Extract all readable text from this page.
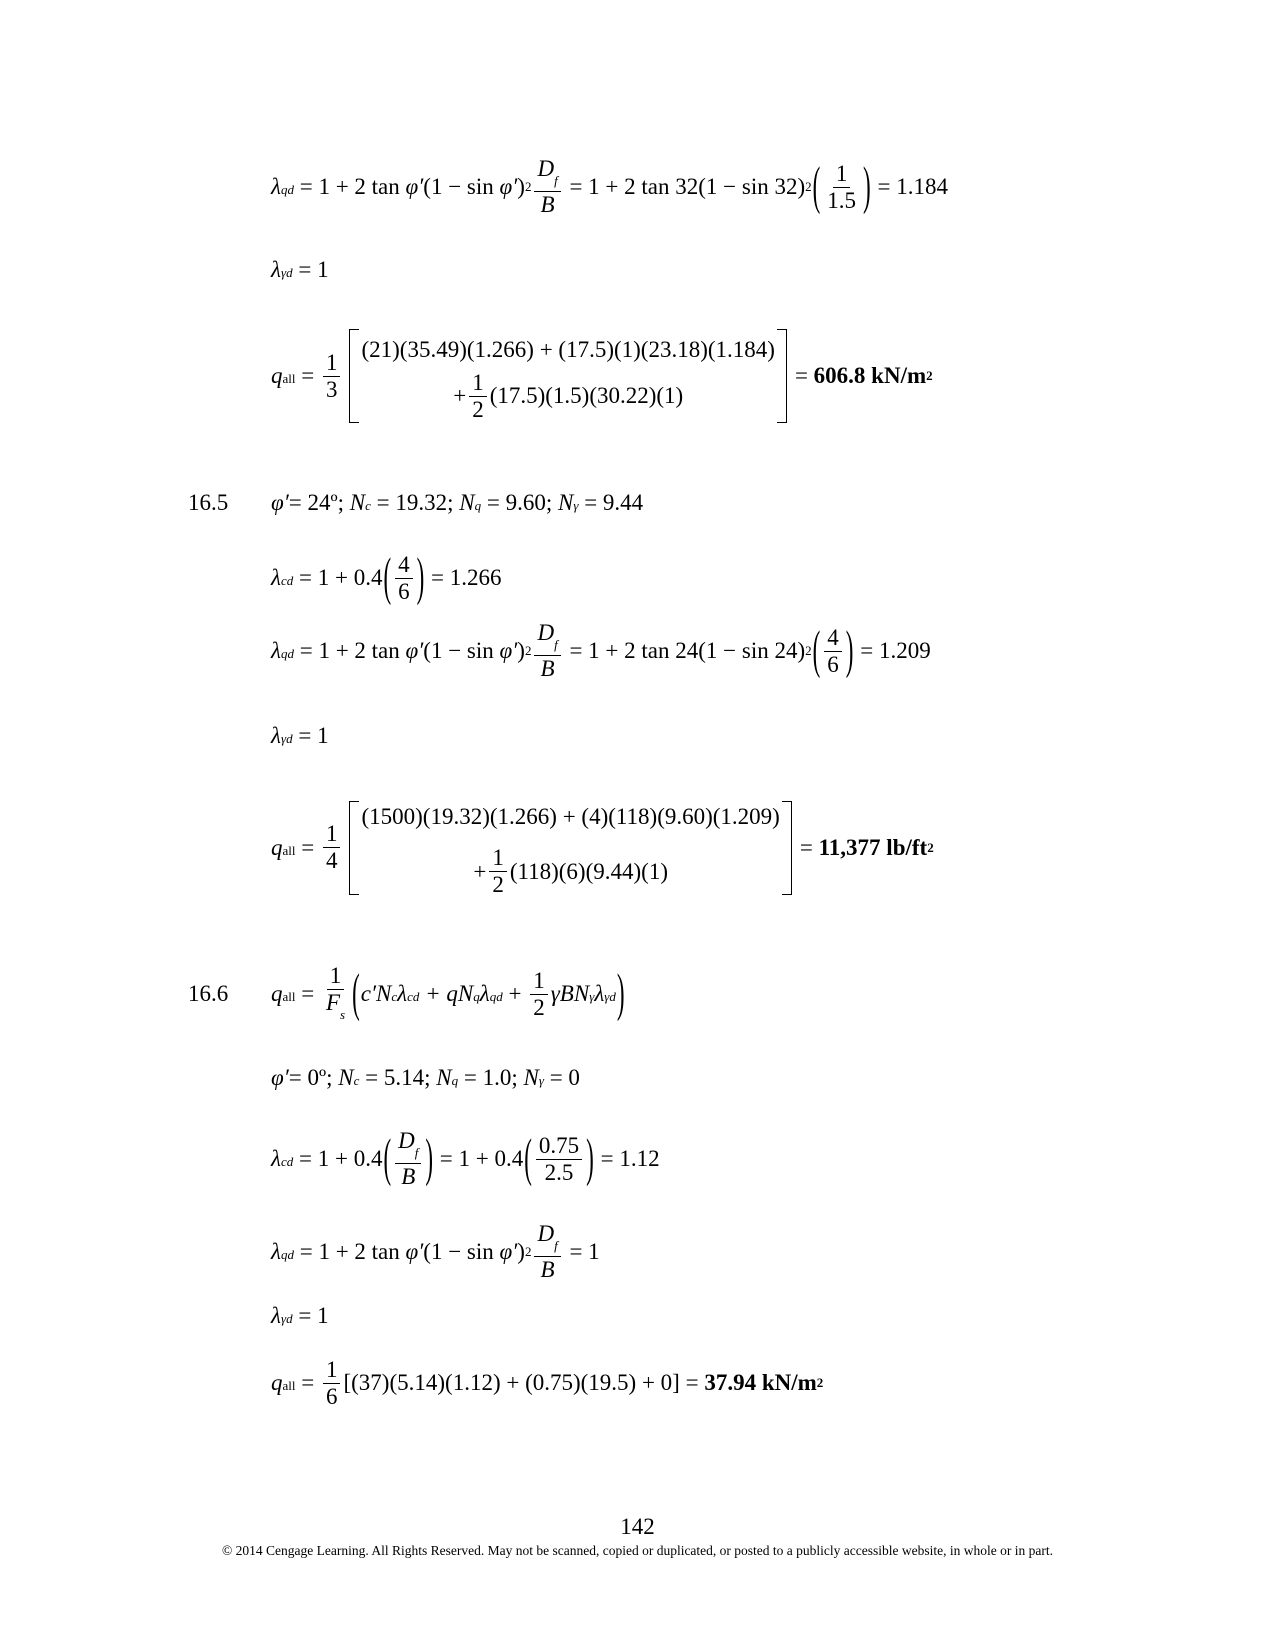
$\lambda_{qd} = 1 + 2$ tan φ′ (1 − sin φ′ ) $2 \frac{D_f}{B} = 1 + 2$ tan 32(1 − sin 32) 2 ( $\frac{1}{1.5}$ ) = 1.184
$\lambda_{\gamma d} = 1$
$q_{all} = \frac{1}{3}$
(21)(35.49)(1.266) + (17.5)(1)(23.18)(1.184)
+ $\frac{1}{2} (17.5)(1.5)(30.22)(1)$
= 606.8 kN/m 2
16.5 φ′ = 24º; $N_c = 19.32$; $N_q = 9.60$; $N_\gamma = 9.44$
$\lambda_{cd} = 1 + 0.4$ ( $\frac{4}{6}$ ) = 1.266
$\lambda_{qd} = 1 + 2$ tan φ′ (1 − sin φ′ ) $2 \frac{D_f}{B} = 1 + 2$ tan 24(1 − sin 24) 2 ( $\frac{4}{6}$ ) = 1.209
$\lambda_{\gamma d} = 1$
$q_{all} = \frac{1}{4}$
(1500)(19.32)(1.266) + (4)(118)(9.60)(1.209)
+ $\frac{1}{2} (118)(6)(9.44)(1)$
= 11,377 lb/ft 2
16.6 $q_{all} = \frac{1}{F_s}$ ( $c'N_c$ $\lambda_{cd} + qN_q$ $\lambda_{qd} + \frac{1}{2} \gamma BN_\gamma$ $\lambda_{\gamma d}$ )
φ′ = 0º; $N_c = 5.14$; $N_q = 1.0$; $N_\gamma = 0$
$\lambda_{cd} = 1 + 0.4$ ( $\frac{D_f}{B}$ ) = 1 + 0.4 ( $\frac{0.75}{2.5}$ ) = 1.12
$\lambda_{qd} = 1 + 2$ tan φ′ (1 − sin φ′ ) $2 \frac{D_f}{B} = 1$
$\lambda_{\gamma d} = 1$
$q_{all} = \frac{1}{6} [(37)(5.14)(1.12) + (0.75)(19.5) + 0] = 37.94$ kN/m 2
142
© 2014 Cengage Learning. All Rights Reserved. May not be scanned, copied or duplicated, or posted to a publicly accessible website, in whole or in part.
